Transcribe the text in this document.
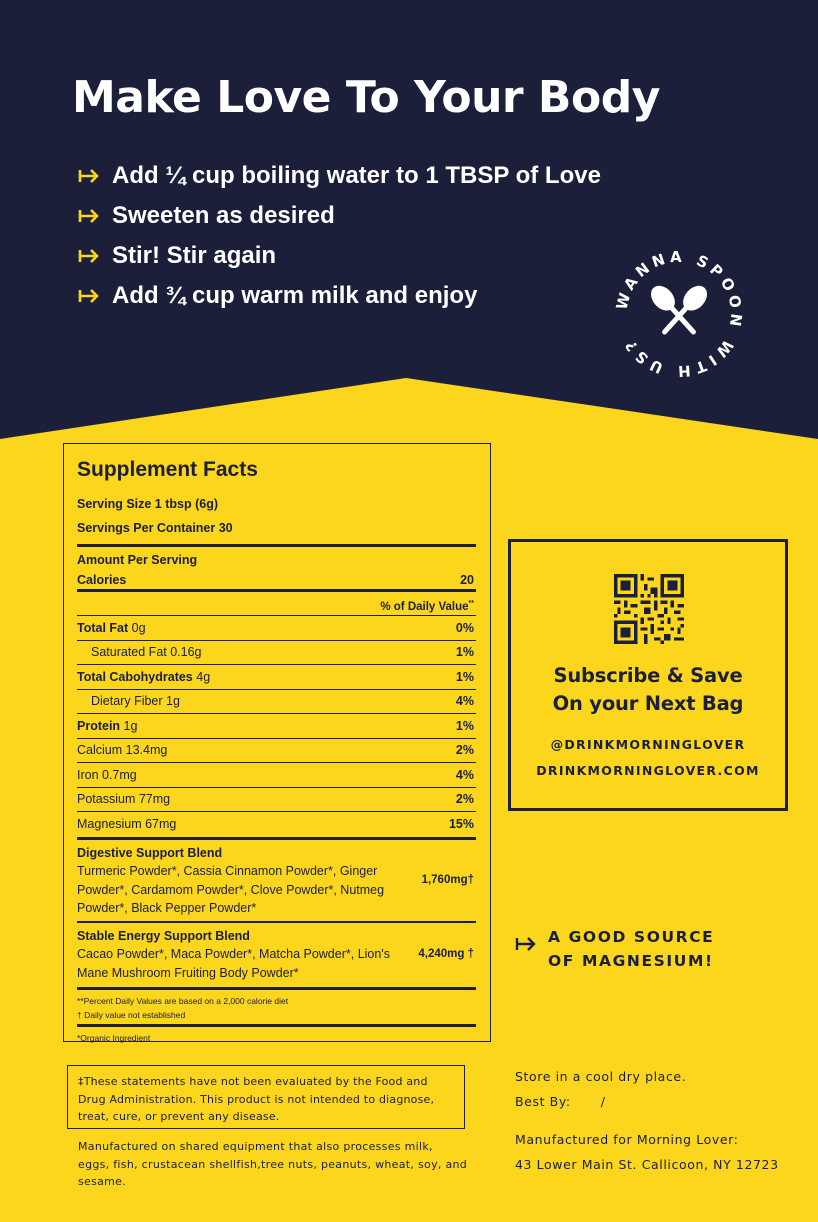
Make Love To Your Body
Add ¼ cup boiling water to 1 TBSP of Love
Sweeten as desired
Stir! Stir again
Add ¾ cup warm milk and enjoy	WANNA SPOON WITH US?
Supplement Facts
Serving Size 1 tbsp (6g)
Servings Per Container 30
Amount Per Serving
Calories	20
% of Daily Value**
Total Fat 0g	0%
Saturated Fat 0.16g	1%
Total Cabohydrates 4g	1%
Dietary Fiber 1g	4%
Protein 1g	1%
Calcium 13.4mg	2%
Iron 0.7mg	4%
Potassium 77mg	2%
Magnesium 67mg	15%
Digestive Support Blend
Turmeric Powder*, Cassia Cinnamon Powder*, Ginger Powder*, Cardamom Powder*, Clove Powder*, Nutmeg Powder*, Black Pepper Powder*
1,760mg†
Stable Energy Support Blend
Cacao Powder*, Maca Powder*, Matcha Powder*, Lion's Mane Mushroom Fruiting Body Powder*
4,240mg †
**Percent Daily Values are based on a 2,000 calorie diet
† Daily value not established
*Organic Ingredient
Subscribe & Save
On your Next Bag
@DRINKMORNINGLOVER
DRINKMORNINGLOVER.COM
A GOOD SOURCE
OF MAGNESIUM!
‡These statements have not been evaluated by the Food and Drug Administration. This product is not intended to diagnose, treat, cure, or prevent any disease.
Manufactured on shared equipment that also processes milk, eggs, fish, crustacean shellfish,tree nuts, peanuts, wheat, soy, and sesame.
Store in a cool dry place.
Best By: /
Manufactured for Morning Lover:
43 Lower Main St. Callicoon, NY 12723
